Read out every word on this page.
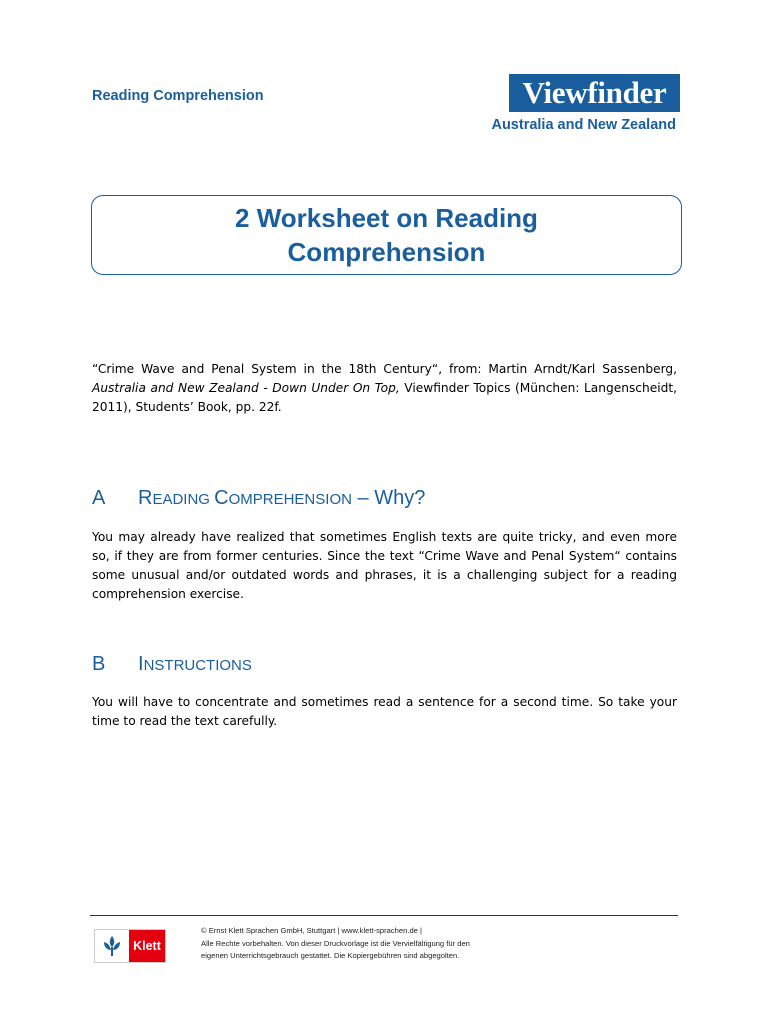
Reading Comprehension	Viewfinder
Australia and New Zealand
2 Worksheet on Reading
Comprehension
“Crime Wave and Penal System in the 18th Century“, from: Martin Arndt/Karl Sassenberg, Australia and New Zealand - Down Under On Top, Viewfinder Topics (München: Langenscheidt, 2011), Students’ Book, pp. 22f.
A READING COMPREHENSION – Why?
You may already have realized that sometimes English texts are quite tricky, and even more so, if they are from former centuries. Since the text “Crime Wave and Penal System“ contains some unusual and/or outdated words and phrases, it is a challenging subject for a reading comprehension exercise.
B INSTRUCTIONS
You will have to concentrate and sometimes read a sentence for a second time. So take your time to read the text carefully.
Klett
© Ernst Klett Sprachen GmbH, Stuttgart | www.klett-sprachen.de |
Alle Rechte vorbehalten. Von dieser Druckvorlage ist die Vervielfältigung für den
eigenen Unterrichtsgebrauch gestattet. Die Kopiergebühren sind abgegolten.
